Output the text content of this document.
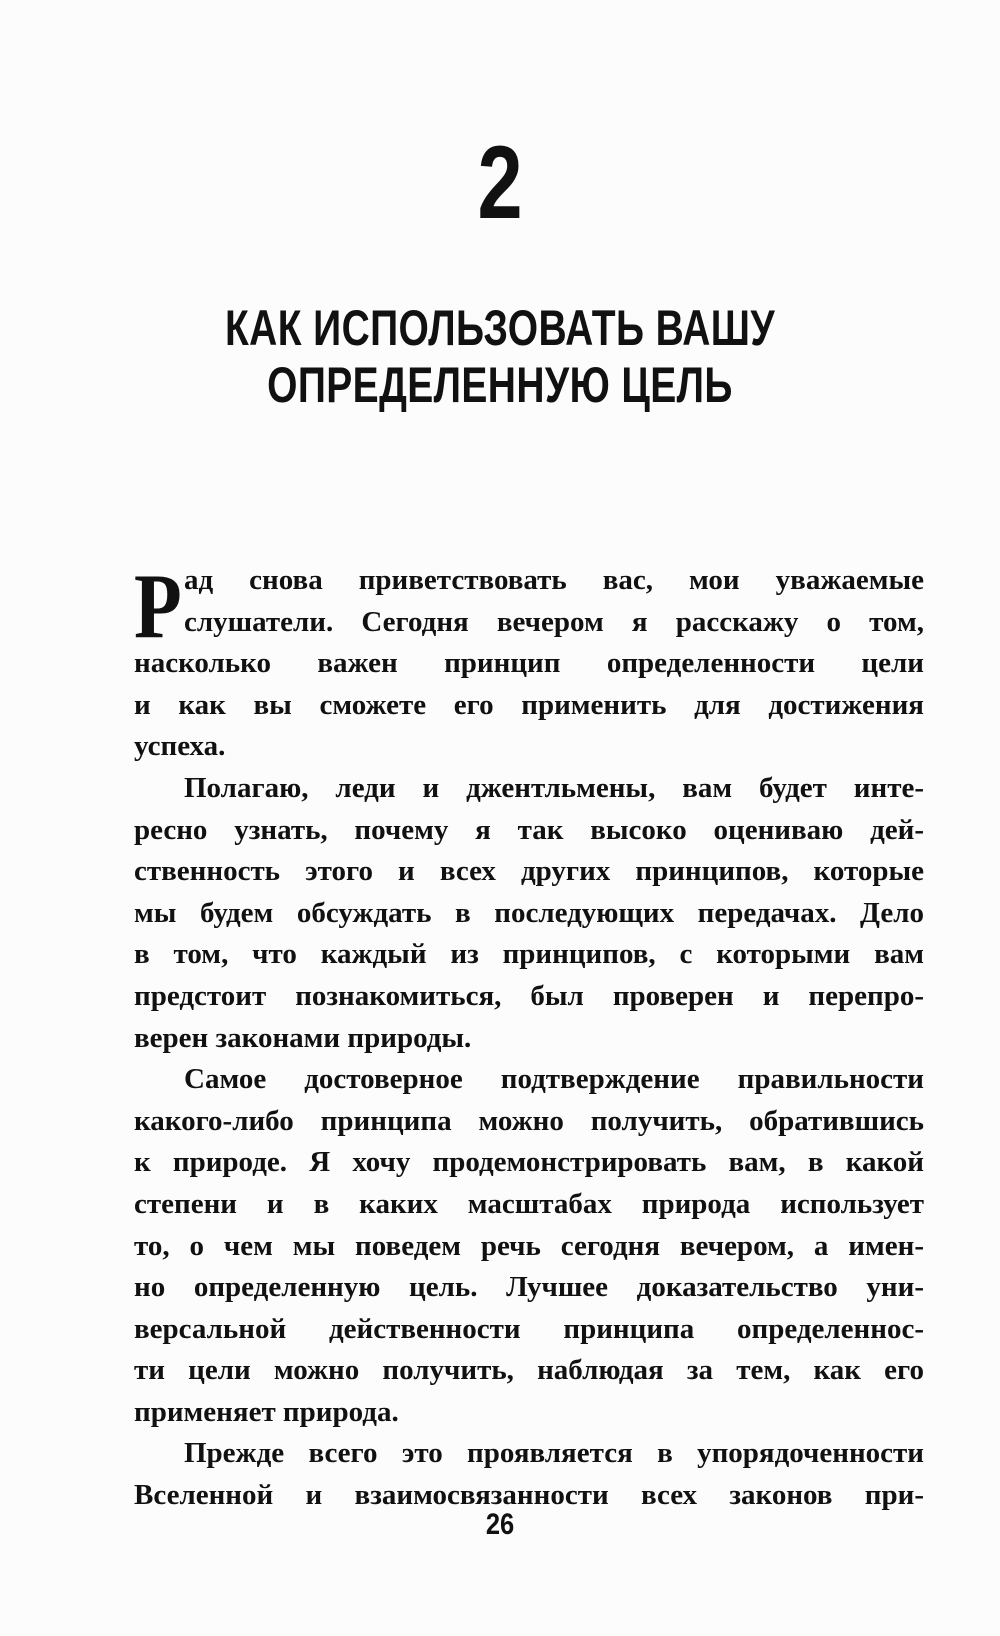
2
КАК ИСПОЛЬЗОВАТЬ ВАШУ
ОПРЕДЕЛЕННУЮ ЦЕЛЬ
Р ад снова приветствовать вас, мои уважаемые
слушатели. Сегодня вечером я расскажу о том,
насколько важен принцип определенности цели
и как вы сможете его применить для достижения
успеха.
Полагаю, леди и джентльмены, вам будет инте-
ресно узнать, почему я так высоко оцениваю дей-
ственность этого и всех других принципов, которые
мы будем обсуждать в последующих передачах. Дело
в том, что каждый из принципов, с которыми вам
предстоит познакомиться, был проверен и перепро-
верен законами природы.
Самое достоверное подтверждение правильности
какого-либо принципа можно получить, обратившись
к природе. Я хочу продемонстрировать вам, в какой
степени и в каких масштабах природа использует
то, о чем мы поведем речь сегодня вечером, а имен-
но определенную цель. Лучшее доказательство уни-
версальной действенности принципа определеннос-
ти цели можно получить, наблюдая за тем, как его
применяет природа.
Прежде всего это проявляется в упорядоченности
Вселенной и взаимосвязанности всех законов при-
26
